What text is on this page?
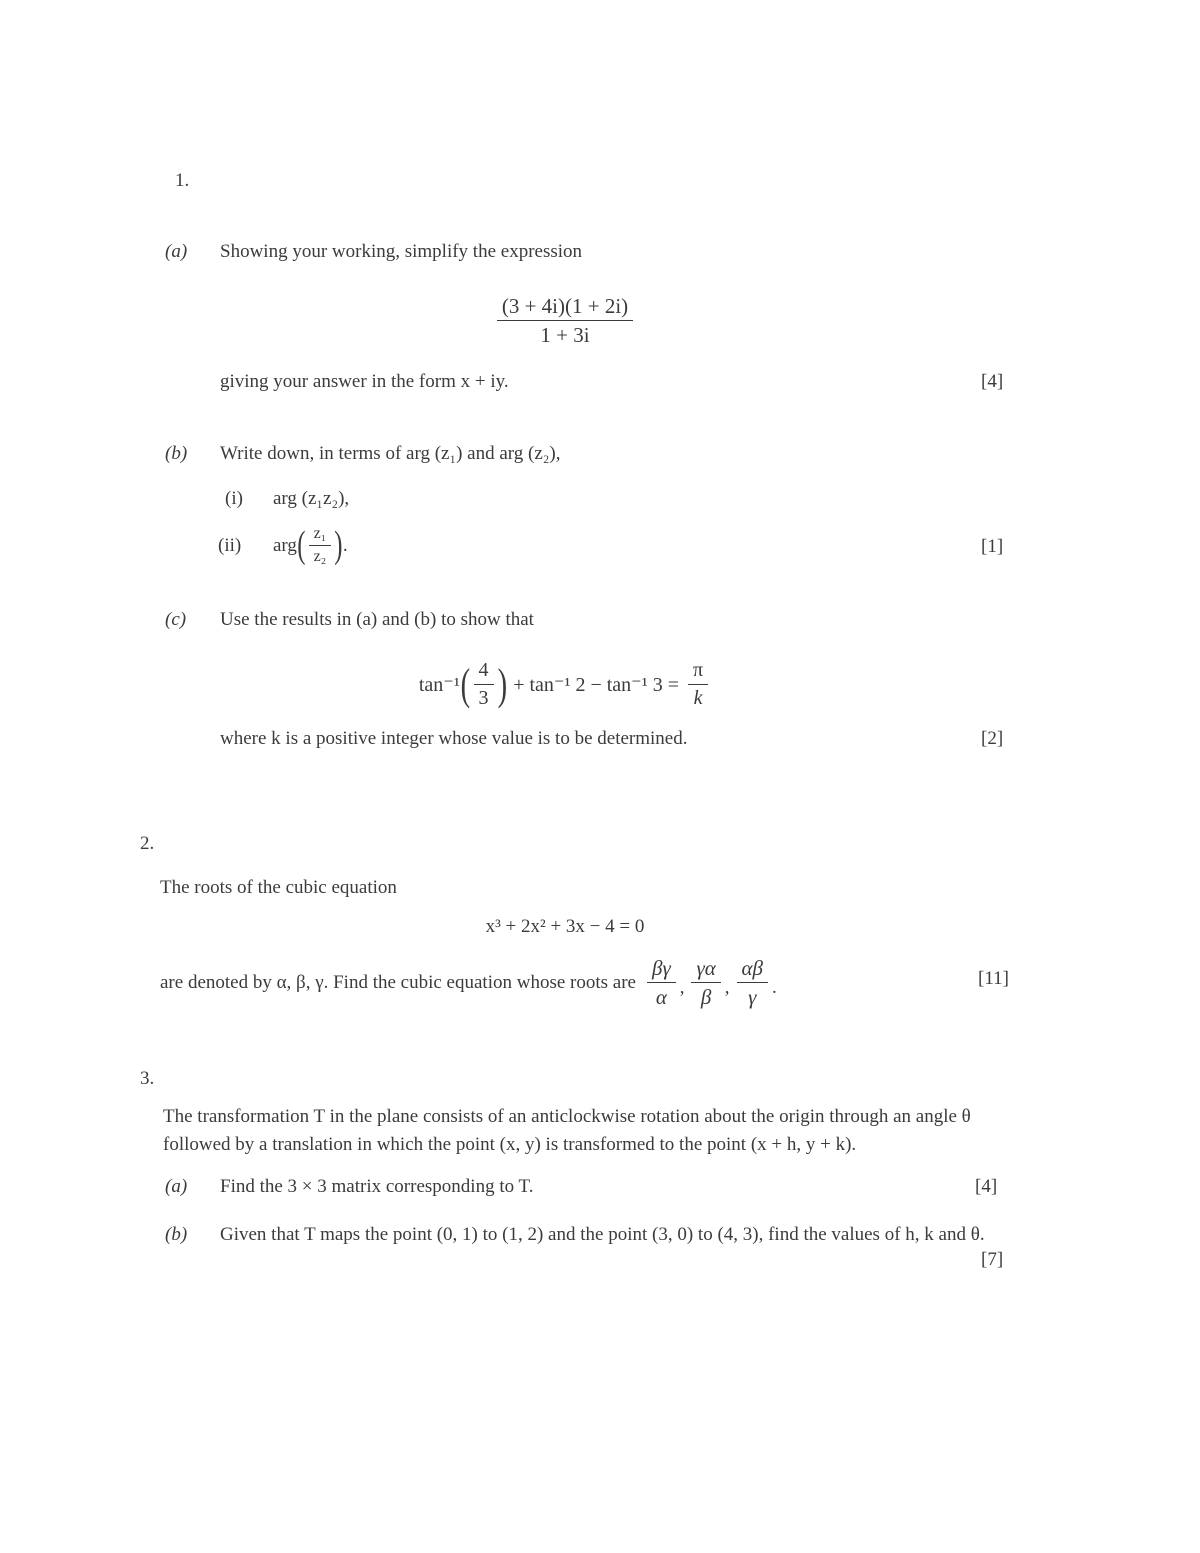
1.
(a)	Showing your working, simplify the expression
$\frac{(3 + 4i)(1 + 2i)}{1 + 3i}$
giving your answer in the form x + iy.	[4]
(b)	Write down, in terms of arg (z₁) and arg (z₂),
(i)	arg (z₁z₂),
(ii)	arg ( $\frac{\text{z₁}}{\text{z₂}}$ ) .	[1]
(c)	Use the results in (a) and (b) to show that
tan⁻¹ ( $\frac{4}{3}$ ) + tan⁻¹ 2 − tan⁻¹ $3 = \frac{\pi}{k}$
where k is a positive integer whose value is to be determined.	[2]
2.
The roots of the cubic equation
x³ + 2x² + 3x − 4 = 0
are denoted by α, β, γ. Find the cubic equation whose roots are $\frac{\beta\gamma}{\alpha}$ , $\frac{\gamma\alpha}{\beta}$ , $\frac{\alpha\beta}{\gamma}$ .	[11]
3.
The transformation T in the plane consists of an anticlockwise rotation about the origin through an angle θ followed by a translation in which the point (x, y) is transformed to the point (x + h, y + k).
(a)	Find the 3 × 3 matrix corresponding to T.	[4]
(b) Given that T maps the point (0, 1) to (1, 2) and the point (3, 0) to (4, 3), find the values of h, k and θ.
[7]
